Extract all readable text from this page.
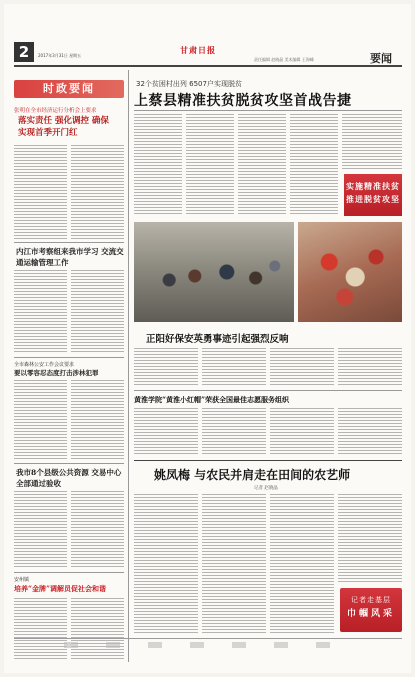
2	2017年3月31日 星期五
甘肃日报
责任编辑 赵晓晶 美术编辑 王海峰	要闻
时政要闻
张明在全市经济运行分析会上要求
落实责任 强化调控 确保实现首季开门红
内江市考察组来我市学习 交流交通运输管理工作
全市森林公安工作会议要求
要以零容忍态度打击涉林犯罪
我市8个县级公共资源 交易中心全部通过验收
安州镇
培养“金牌”调解员促社会和谐
32个贫困村出列 6507户实现脱贫
上蔡县精准扶贫脱贫攻坚首战告捷
实施精准扶贫 推进脱贫攻坚
正阳好保安英勇事迹引起强烈反响
黄淮学院“黄淮小红帽”荣获全国最佳志愿服务组织
姚凤梅 与农民并肩走在田间的农艺师
记者 赵晓晶
记者走基层
巾帼风采
